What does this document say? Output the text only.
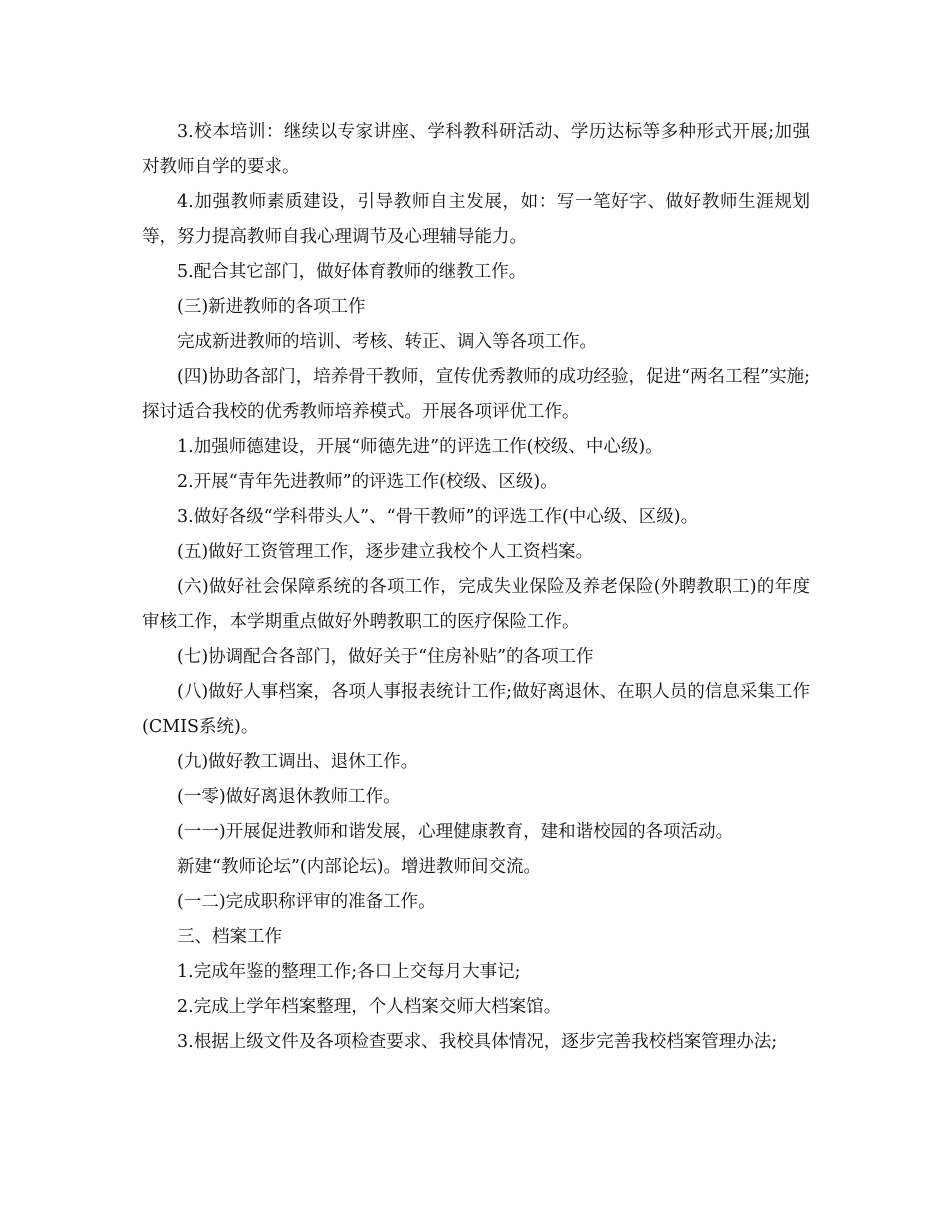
3.校本培训：继续以专家讲座、学科教科研活动、学历达标等多种形式开展;加强对教师自学的要求。

4.加强教师素质建设，引导教师自主发展，如：写一笔好字、做好教师生涯规划等，努力提高教师自我心理调节及心理辅导能力。

5.配合其它部门，做好体育教师的继教工作。

(三)新进教师的各项工作

完成新进教师的培训、考核、转正、调入等各项工作。

(四)协助各部门，培养骨干教师，宣传优秀教师的成功经验，促进“两名工程”实施;探讨适合我校的优秀教师培养模式。开展各项评优工作。

1.加强师德建设，开展“师德先进”的评选工作(校级、中心级)。

2.开展“青年先进教师”的评选工作(校级、区级)。

3.做好各级“学科带头人”、“骨干教师”的评选工作(中心级、区级)。

(五)做好工资管理工作，逐步建立我校个人工资档案。

(六)做好社会保障系统的各项工作，完成失业保险及养老保险(外聘教职工)的年度审核工作，本学期重点做好外聘教职工的医疗保险工作。

(七)协调配合各部门，做好关于“住房补贴”的各项工作

(八)做好人事档案，各项人事报表统计工作;做好离退休、在职人员的信息采集工作(CMIS系统)。

(九)做好教工调出、退休工作。

(一零)做好离退休教师工作。

(一一)开展促进教师和谐发展，心理健康教育，建和谐校园的各项活动。

新建“教师论坛”(内部论坛)。增进教师间交流。

(一二)完成职称评审的准备工作。

三、档案工作

1.完成年鉴的整理工作;各口上交每月大事记;

2.完成上学年档案整理，个人档案交师大档案馆。

3.根据上级文件及各项检查要求、我校具体情况，逐步完善我校档案管理办法;
